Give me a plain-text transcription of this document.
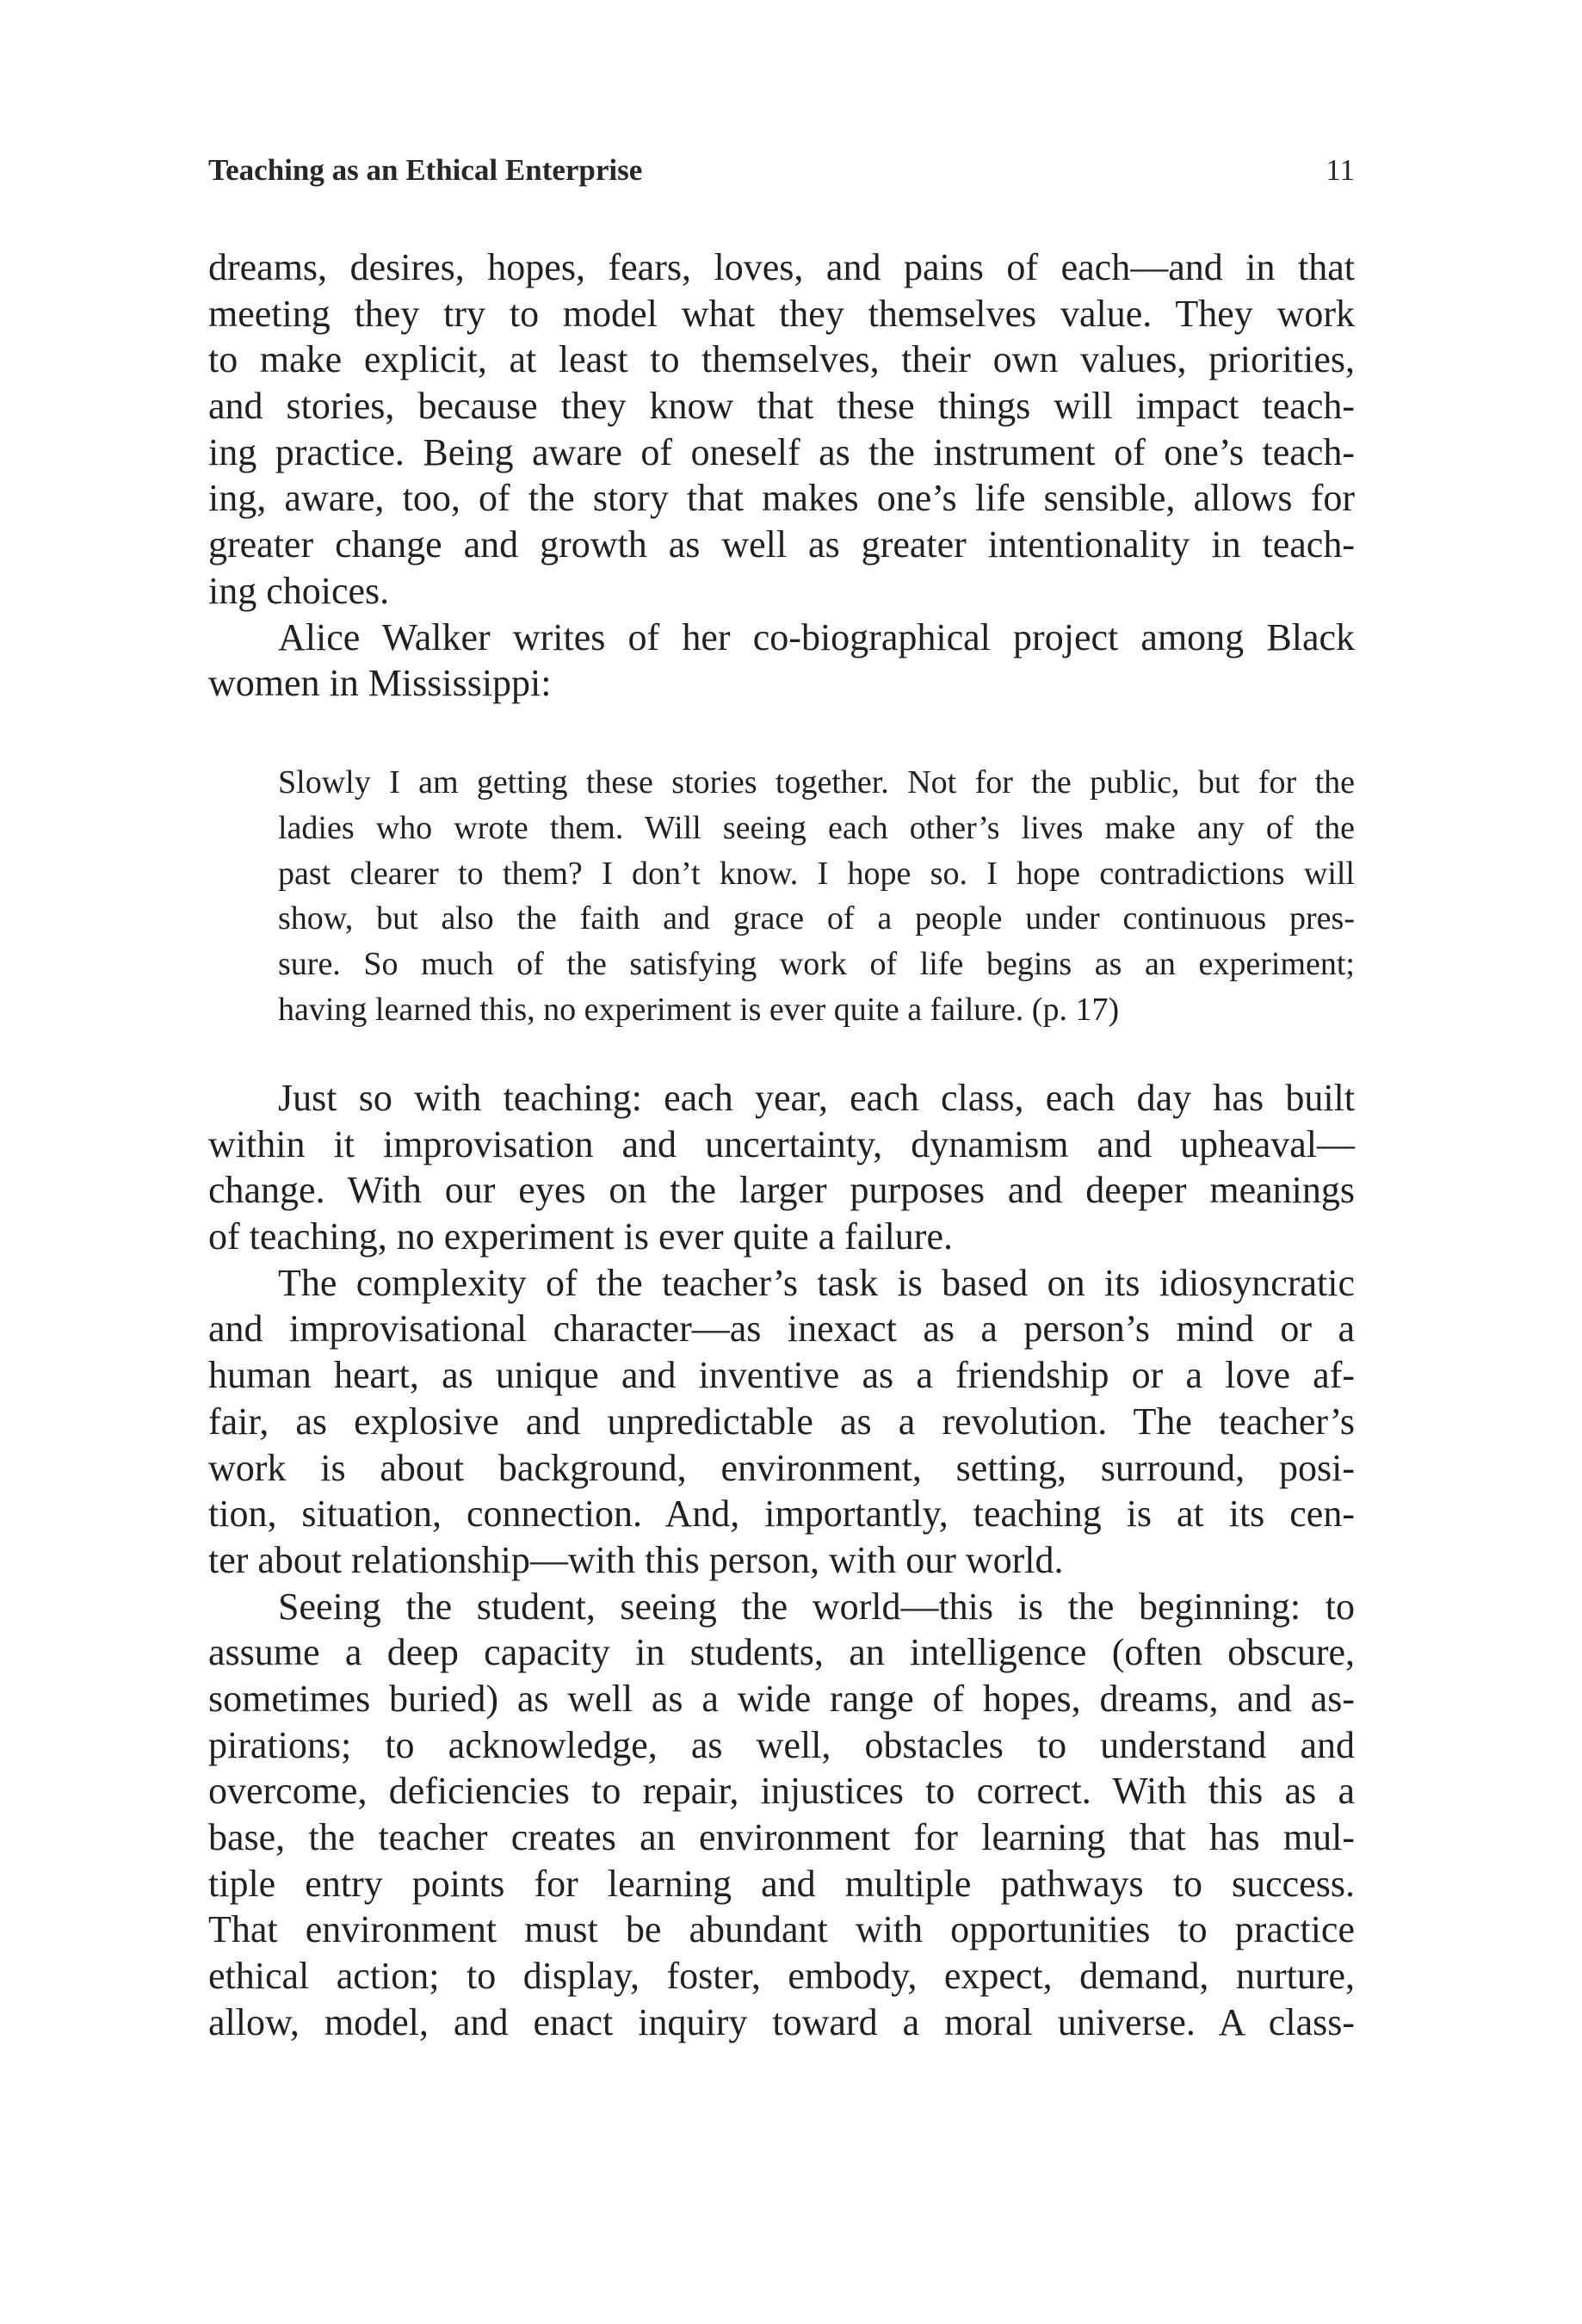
Teaching as an Ethical Enterprise	11
dreams, desires, hopes, fears, loves, and pains of each—and in that
meeting they try to model what they themselves value. They work
to make explicit, at least to themselves, their own values, priorities,
and stories, because they know that these things will impact teach-
ing practice. Being aware of oneself as the instrument of one’s teach-
ing, aware, too, of the story that makes one’s life sensible, allows for
greater change and growth as well as greater intentionality in teach-
ing choices.
Alice Walker writes of her co-biographical project among Black
women in Mississippi:
Slowly I am getting these stories together. Not for the public, but for the
ladies who wrote them. Will seeing each other’s lives make any of the
past clearer to them? I don’t know. I hope so. I hope contradictions will
show, but also the faith and grace of a people under continuous pres-
sure. So much of the satisfying work of life begins as an experiment;
having learned this, no experiment is ever quite a failure. (p. 17)
Just so with teaching: each year, each class, each day has built
within it improvisation and uncertainty, dynamism and upheaval—
change. With our eyes on the larger purposes and deeper meanings
of teaching, no experiment is ever quite a failure.
The complexity of the teacher’s task is based on its idiosyncratic
and improvisational character—as inexact as a person’s mind or a
human heart, as unique and inventive as a friendship or a love af-
fair, as explosive and unpredictable as a revolution. The teacher’s
work is about background, environment, setting, surround, posi-
tion, situation, connection. And, importantly, teaching is at its cen-
ter about relationship—with this person, with our world.
Seeing the student, seeing the world—this is the beginning: to
assume a deep capacity in students, an intelligence (often obscure,
sometimes buried) as well as a wide range of hopes, dreams, and as-
pirations; to acknowledge, as well, obstacles to understand and
overcome, deficiencies to repair, injustices to correct. With this as a
base, the teacher creates an environment for learning that has mul-
tiple entry points for learning and multiple pathways to success.
That environment must be abundant with opportunities to practice
ethical action; to display, foster, embody, expect, demand, nurture,
allow, model, and enact inquiry toward a moral universe. A class-
